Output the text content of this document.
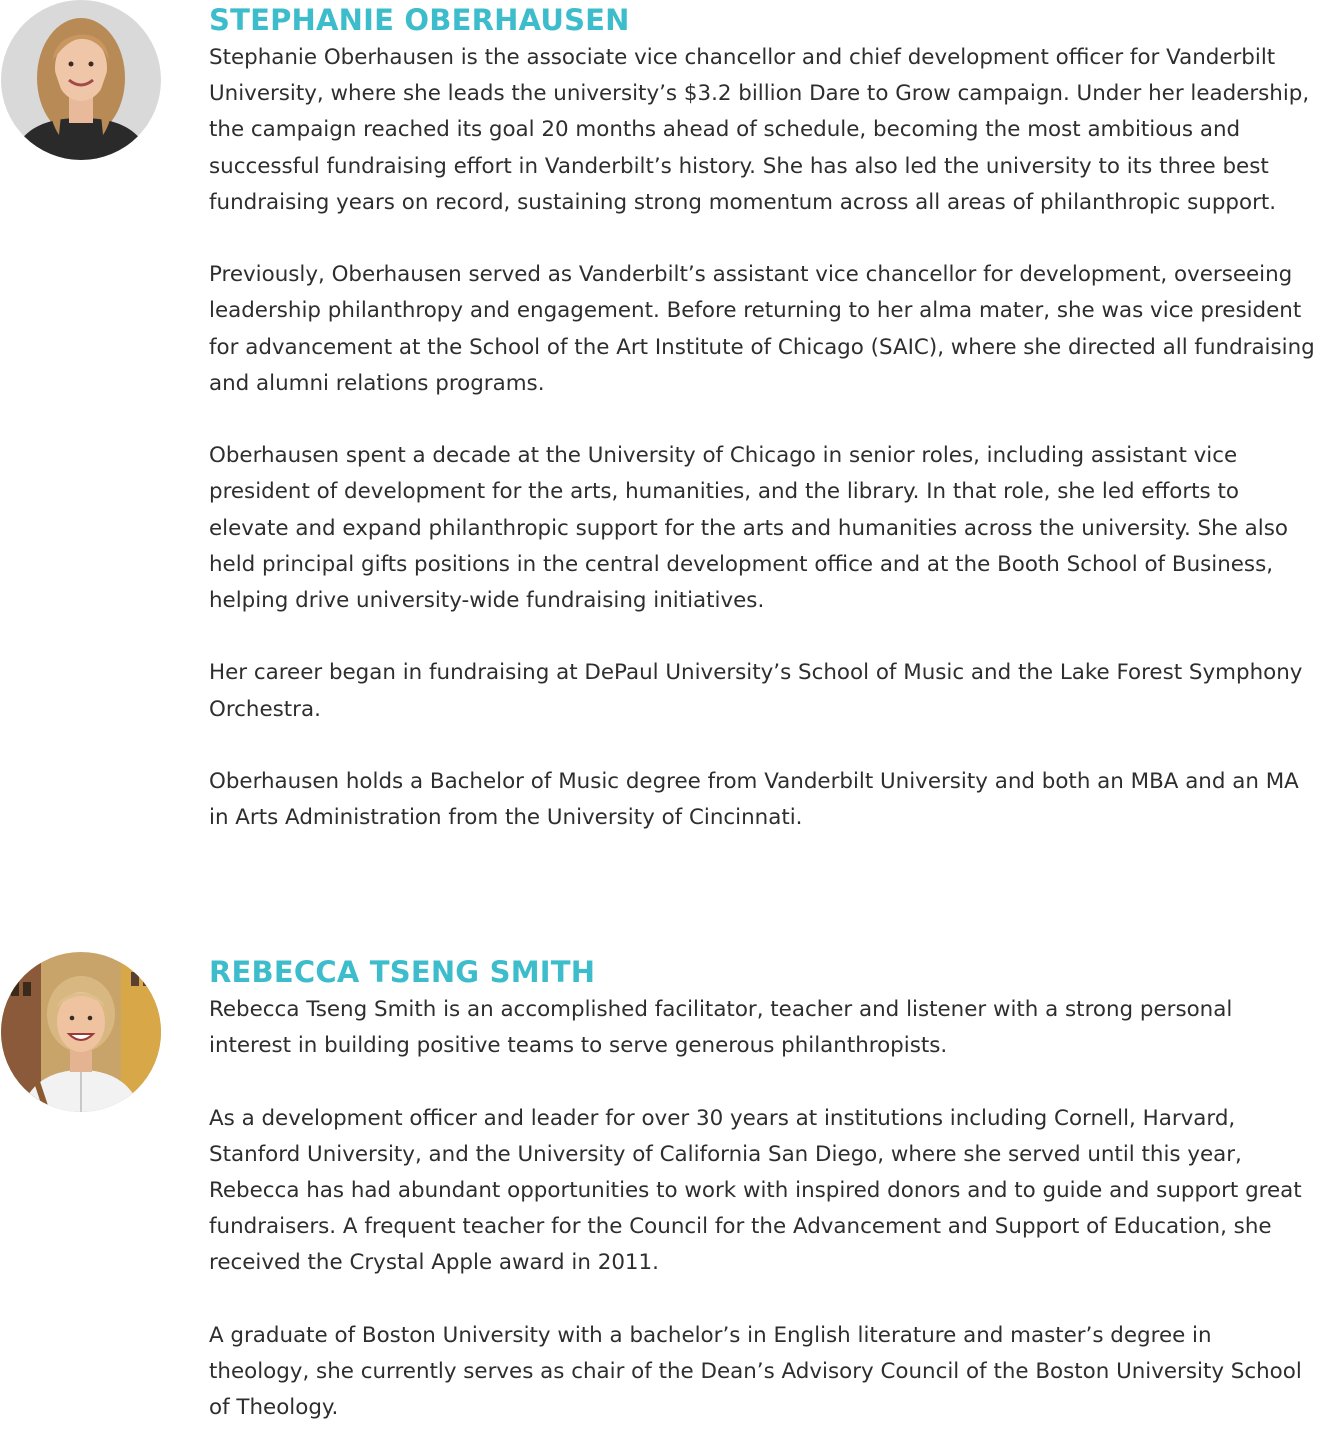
STEPHANIE OBERHAUSEN

Stephanie Oberhausen is the associate vice chancellor and chief development officer for Vanderbilt University, where she leads the university’s $3.2 billion Dare to Grow campaign. Under her leadership, the campaign reached its goal 20 months ahead of schedule, becoming the most ambitious and successful fundraising effort in Vanderbilt’s history. She has also led the university to its three best fundraising years on record, sustaining strong momentum across all areas of philanthropic support.

Previously, Oberhausen served as Vanderbilt’s assistant vice chancellor for development, overseeing leadership philanthropy and engagement. Before returning to her alma mater, she was vice president for advancement at the School of the Art Institute of Chicago (SAIC), where she directed all fundraising and alumni relations programs.

Oberhausen spent a decade at the University of Chicago in senior roles, including assistant vice president of development for the arts, humanities, and the library. In that role, she led efforts to elevate and expand philanthropic support for the arts and humanities across the university. She also held principal gifts positions in the central development office and at the Booth School of Business, helping drive university-wide fundraising initiatives.

Her career began in fundraising at DePaul University’s School of Music and the Lake Forest Symphony Orchestra.

Oberhausen holds a Bachelor of Music degree from Vanderbilt University and both an MBA and an MA in Arts Administration from the University of Cincinnati.

REBECCA TSENG SMITH

Rebecca Tseng Smith is an accomplished facilitator, teacher and listener with a strong personal interest in building positive teams to serve generous philanthropists.

As a development officer and leader for over 30 years at institutions including Cornell, Harvard, Stanford University, and the University of California San Diego, where she served until this year, Rebecca has had abundant opportunities to work with inspired donors and to guide and support great fundraisers. A frequent teacher for the Council for the Advancement and Support of Education, she received the Crystal Apple award in 2011.

A graduate of Boston University with a bachelor’s in English literature and master’s degree in theology, she currently serves as chair of the Dean’s Advisory Council of the Boston University School of Theology.
